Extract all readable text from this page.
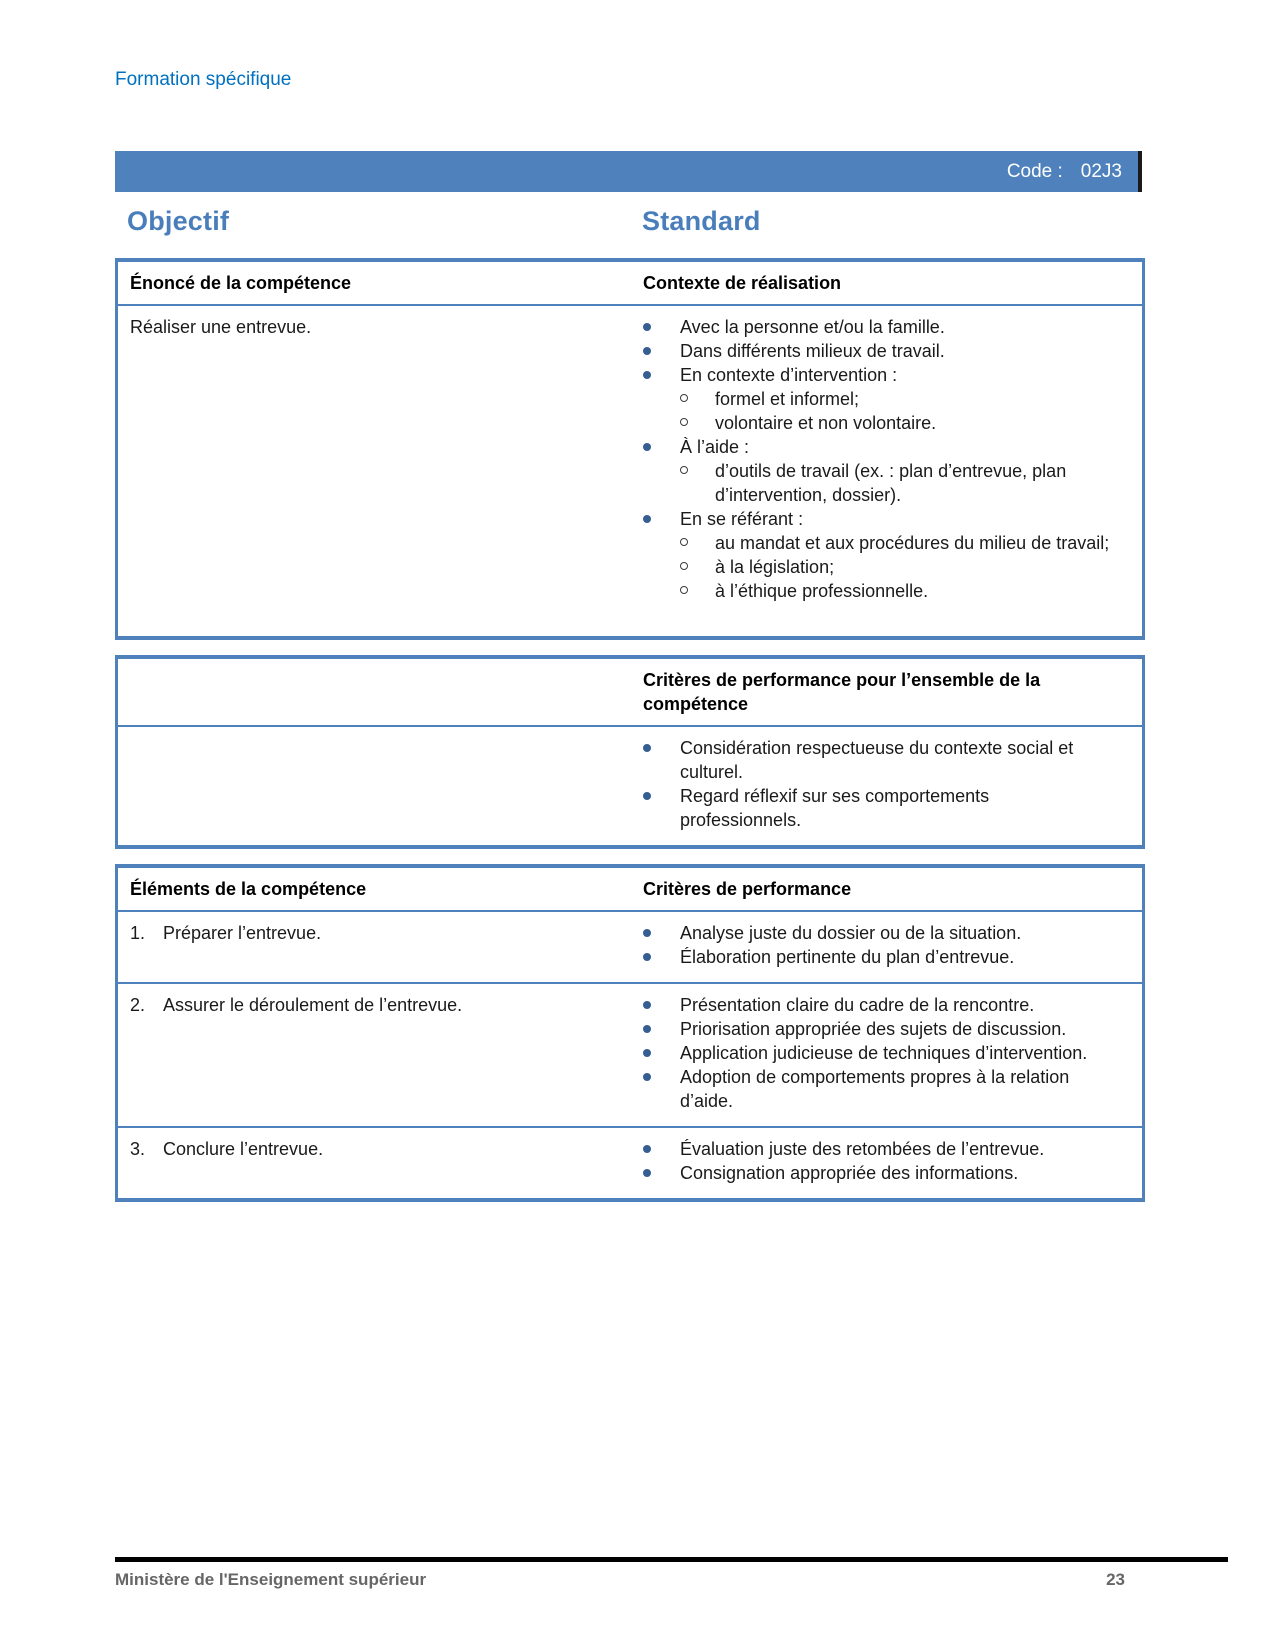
Formation spécifique
Code : 02J3
Objectif	Standard
Énoncé de la compétence	Contexte de réalisation
Réaliser une entrevue.	Avec la personne et/ou la famille.
Dans différents milieux de travail.
En contexte d’intervention :
formel et informel;
volontaire et non volontaire.
À l’aide :
d’outils de travail (ex. : plan d’entrevue, plan d’intervention, dossier).
En se référant :
au mandat et aux procédures du milieu de travail;
à la législation;
à l’éthique professionnelle.
Critères de performance pour l’ensemble de la compétence
Considération respectueuse du contexte social et culturel.
Regard réflexif sur ses comportements professionnels.
Éléments de la compétence	Critères de performance
1. Préparer l’entrevue.	Analyse juste du dossier ou de la situation.
Élaboration pertinente du plan d’entrevue.
2. Assurer le déroulement de l’entrevue.	Présentation claire du cadre de la rencontre.
Priorisation appropriée des sujets de discussion.
Application judicieuse de techniques d’intervention.
Adoption de comportements propres à la relation d’aide.
3. Conclure l’entrevue.	Évaluation juste des retombées de l’entrevue.
Consignation appropriée des informations.
Ministère de l'Enseignement supérieur	23
